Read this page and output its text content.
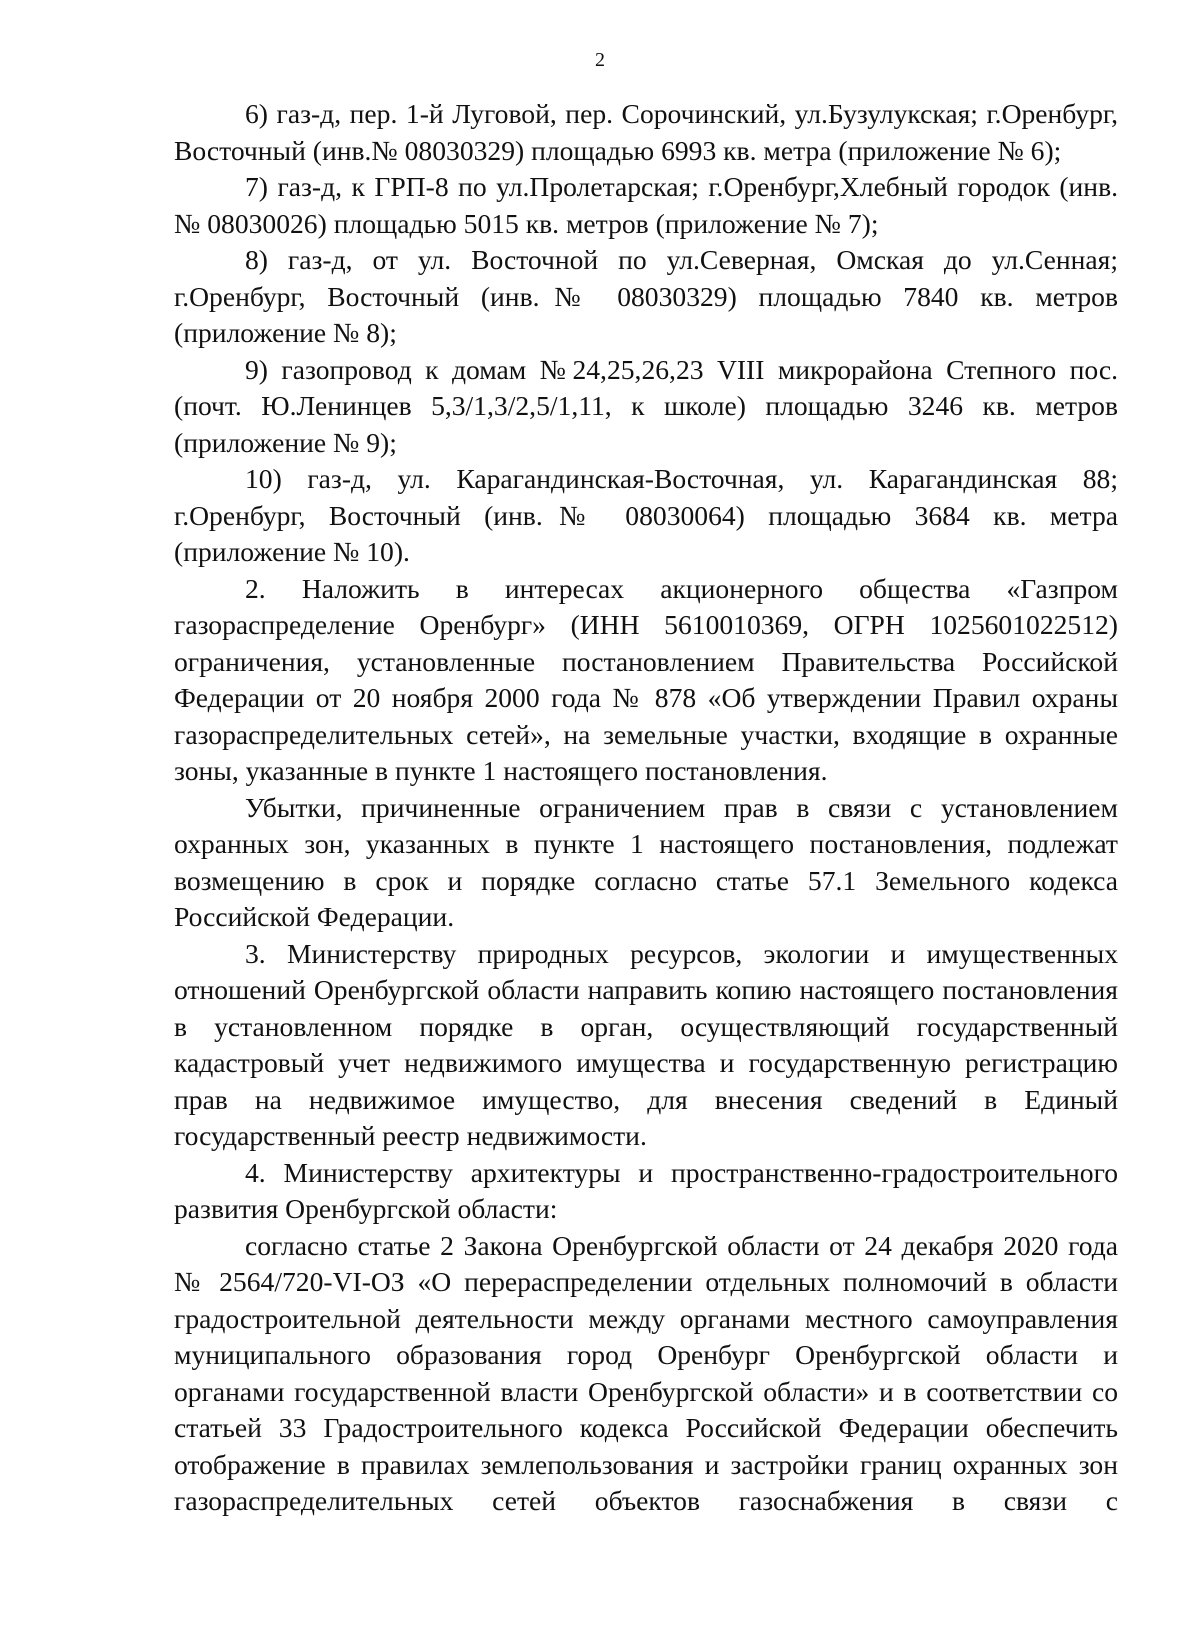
2

6) газ-д, пер. 1-й Луговой, пер. Сорочинский, ул.Бузулукская; г.Оренбург, Восточный (инв.№ 08030329) площадью 6993 кв. метра (приложение № 6);

7) газ-д, к ГРП-8 по ул.Пролетарская; г.Оренбург,Хлебный городок (инв.№ 08030026) площадью 5015 кв. метров (приложение № 7);

8) газ-д, от ул. Восточной по ул.Северная, Омская до ул.Сенная; г.Оренбург, Восточный (инв.№ 08030329) площадью 7840 кв. метров (приложение № 8);

9) газопровод к домам №24,25,26,23 VIII микрорайона Степного пос. (почт. Ю.Ленинцев 5,3/1,3/2,5/1,11, к школе) площадью 3246 кв. метров (приложение № 9);

10) газ-д, ул. Карагандинская-Восточная, ул. Карагандинская 88; г.Оренбург, Восточный (инв.№ 08030064) площадью 3684 кв. метра (приложение № 10).

2. Наложить в интересах акционерного общества «Газпром газораспределение Оренбург» (ИНН 5610010369, ОГРН 1025601022512) ограничения, установленные постановлением Правительства Российской Федерации от 20 ноября 2000 года № 878 «Об утверждении Правил охраны газораспределительных сетей», на земельные участки, входящие в охранные зоны, указанные в пункте 1 настоящего постановления.

Убытки, причиненные ограничением прав в связи с установлением охранных зон, указанных в пункте 1 настоящего постановления, подлежат возмещению в срок и порядке согласно статье 57.1 Земельного кодекса Российской Федерации.

3. Министерству природных ресурсов, экологии и имущественных отношений Оренбургской области направить копию настоящего постановления в установленном порядке в орган, осуществляющий государственный кадастровый учет недвижимого имущества и государственную регистрацию прав на недвижимое имущество, для внесения сведений в Единый государственный реестр недвижимости.

4. Министерству архитектуры и пространственно-градостроительного развития Оренбургской области:

согласно статье 2 Закона Оренбургской области от 24 декабря 2020 года № 2564/720-VI-ОЗ «О перераспределении отдельных полномочий в области градостроительной деятельности между органами местного самоуправления муниципального образования город Оренбург Оренбургской области и органами государственной власти Оренбургской области» и в соответствии со статьей 33 Градостроительного кодекса Российской Федерации обеспечить отображение в правилах землепользования и застройки границ охранных зон газораспределительных сетей объектов газоснабжения в связи с
